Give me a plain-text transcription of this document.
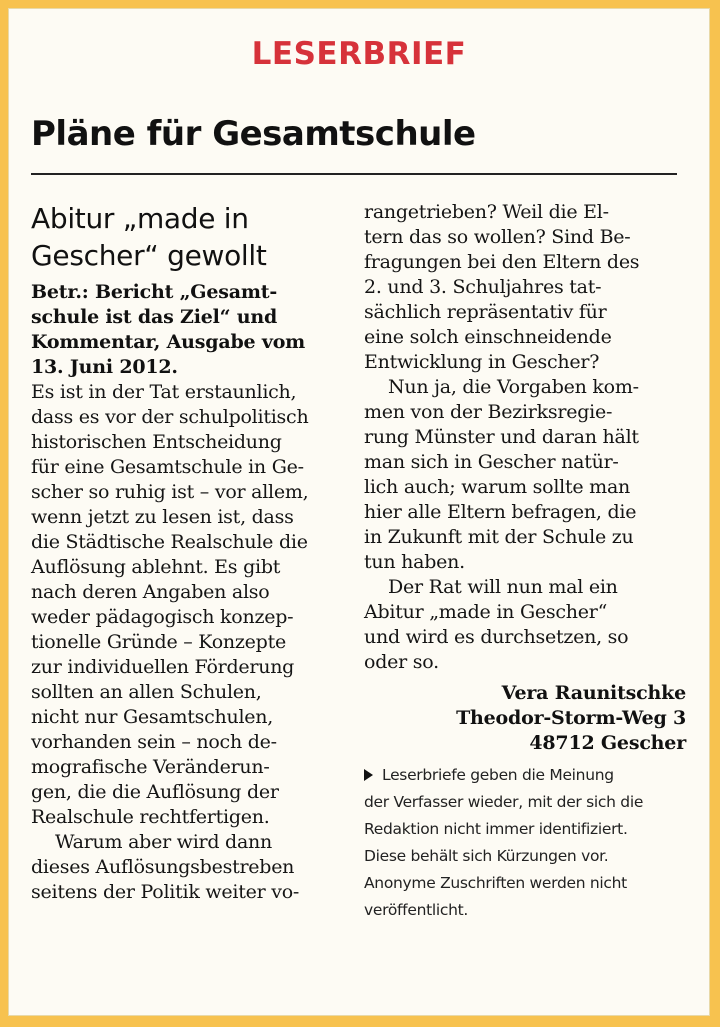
LESERBRIEF
Pläne für Gesamtschule
Abitur „made in
Gescher“ gewollt
Betr.: Bericht „Gesamt-
schule ist das Ziel“ und
Kommentar, Ausgabe vom
13. Juni 2012.
Es ist in der Tat erstaunlich,
dass es vor der schulpolitisch
historischen Entscheidung
für eine Gesamtschule in Ge-
scher so ruhig ist – vor allem,
wenn jetzt zu lesen ist, dass
die Städtische Realschule die
Auflösung ablehnt. Es gibt
nach deren Angaben also
weder pädagogisch konzep-
tionelle Gründe – Konzepte
zur individuellen Förderung
sollten an allen Schulen,
nicht nur Gesamtschulen,
vorhanden sein – noch de-
mografische Veränderun-
gen, die die Auflösung der
Realschule rechtfertigen.
Warum aber wird dann
dieses Auflösungsbestreben
seitens der Politik weiter vo-
rangetrieben? Weil die El-
tern das so wollen? Sind Be-
fragungen bei den Eltern des
2. und 3. Schuljahres tat-
sächlich repräsentativ für
eine solch einschneidende
Entwicklung in Gescher?
Nun ja, die Vorgaben kom-
men von der Bezirksregie-
rung Münster und daran hält
man sich in Gescher natür-
lich auch; warum sollte man
hier alle Eltern befragen, die
in Zukunft mit der Schule zu
tun haben.
Der Rat will nun mal ein
Abitur „made in Gescher“
und wird es durchsetzen, so
oder so.
Vera Raunitschke
Theodor-Storm-Weg 3
48712 Gescher
Leserbriefe geben die Meinung
der Verfasser wieder, mit der sich die
Redaktion nicht immer identifiziert.
Diese behält sich Kürzungen vor.
Anonyme Zuschriften werden nicht
veröffentlicht.
